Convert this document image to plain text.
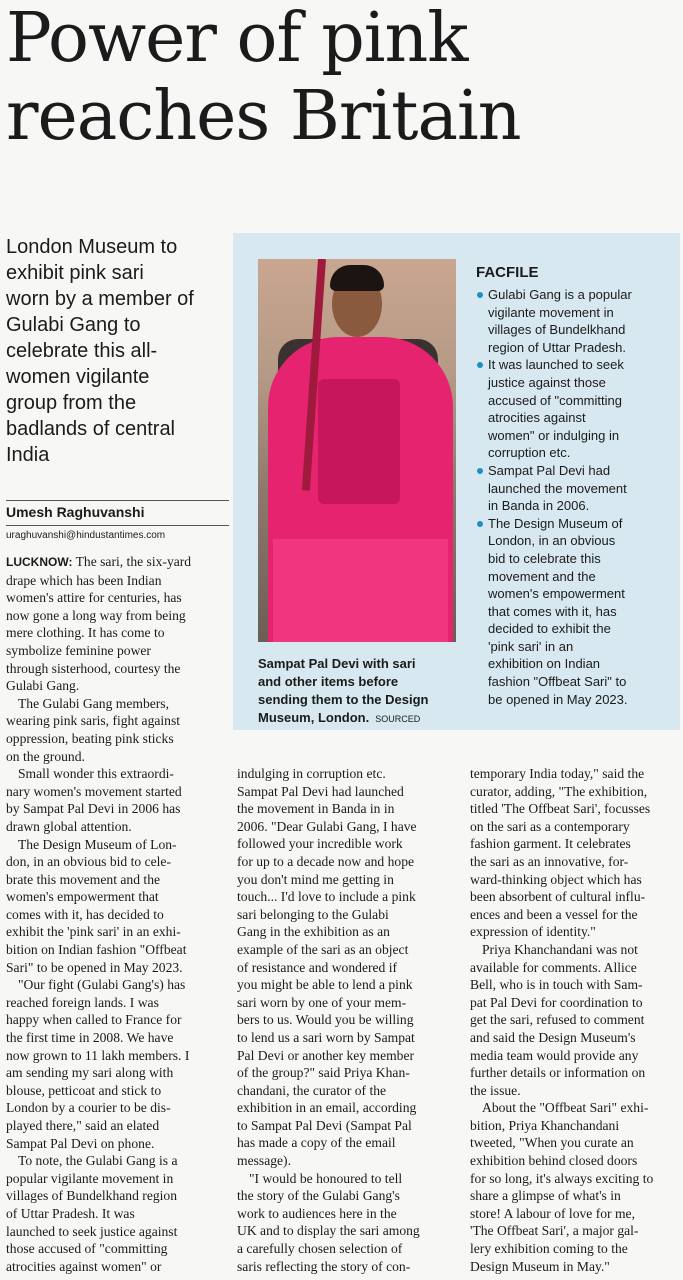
Power of pink
reaches Britain
London Museum to
exhibit pink sari
worn by a member of
Gulabi Gang to
celebrate this all-
women vigilante
group from the
badlands of central
India
Umesh Raghuvanshi
uraghuvanshi@hindustantimes.com
Sampat Pal Devi with sari
and other items before
sending them to the Design
Museum, London. SOURCED
FACFILE
Gulabi Gang is a popular
vigilante movement in
villages of Bundelkhand
region of Uttar Pradesh.
It was launched to seek
justice against those
accused of "committing
atrocities against
women" or indulging in
corruption etc.
Sampat Pal Devi had
launched the movement
in Banda in 2006.
The Design Museum of
London, in an obvious
bid to celebrate this
movement and the
women's empowerment
that comes with it, has
decided to exhibit the
'pink sari' in an
exhibition on Indian
fashion "Offbeat Sari" to
be opened in May 2023.
LUCKNOW: The sari, the six-yard
drape which has been Indian
women's attire for centuries, has
now gone a long way from being
mere clothing. It has come to
symbolize feminine power
through sisterhood, courtesy the
Gulabi Gang.
The Gulabi Gang members,
wearing pink saris, fight against
oppression, beating pink sticks
on the ground.
Small wonder this extraordi-
nary women's movement started
by Sampat Pal Devi in 2006 has
drawn global attention.
The Design Museum of Lon-
don, in an obvious bid to cele-
brate this movement and the
women's empowerment that
comes with it, has decided to
exhibit the 'pink sari' in an exhi-
bition on Indian fashion "Offbeat
Sari" to be opened in May 2023.
"Our fight (Gulabi Gang's) has
reached foreign lands. I was
happy when called to France for
the first time in 2008. We have
now grown to 11 lakh members. I
am sending my sari along with
blouse, petticoat and stick to
London by a courier to be dis-
played there," said an elated
Sampat Pal Devi on phone.
To note, the Gulabi Gang is a
popular vigilante movement in
villages of Bundelkhand region
of Uttar Pradesh. It was
launched to seek justice against
those accused of "committing
atrocities against women" or
indulging in corruption etc.
Sampat Pal Devi had launched
the movement in Banda in in
2006. "Dear Gulabi Gang, I have
followed your incredible work
for up to a decade now and hope
you don't mind me getting in
touch... I'd love to include a pink
sari belonging to the Gulabi
Gang in the exhibition as an
example of the sari as an object
of resistance and wondered if
you might be able to lend a pink
sari worn by one of your mem-
bers to us. Would you be willing
to lend us a sari worn by Sampat
Pal Devi or another key member
of the group?" said Priya Khan-
chandani, the curator of the
exhibition in an email, according
to Sampat Pal Devi (Sampat Pal
has made a copy of the email
message).
"I would be honoured to tell
the story of the Gulabi Gang's
work to audiences here in the
UK and to display the sari among
a carefully chosen selection of
saris reflecting the story of con-
temporary India today," said the
curator, adding, "The exhibition,
titled 'The Offbeat Sari', focusses
on the sari as a contemporary
fashion garment. It celebrates
the sari as an innovative, for-
ward-thinking object which has
been absorbent of cultural influ-
ences and been a vessel for the
expression of identity."
Priya Khanchandani was not
available for comments. Allice
Bell, who is in touch with Sam-
pat Pal Devi for coordination to
get the sari, refused to comment
and said the Design Museum's
media team would provide any
further details or information on
the issue.
About the "Offbeat Sari" exhi-
bition, Priya Khanchandani
tweeted, "When you curate an
exhibition behind closed doors
for so long, it's always exciting to
share a glimpse of what's in
store! A labour of love for me,
'The Offbeat Sari', a major gal-
lery exhibition coming to the
Design Museum in May."
